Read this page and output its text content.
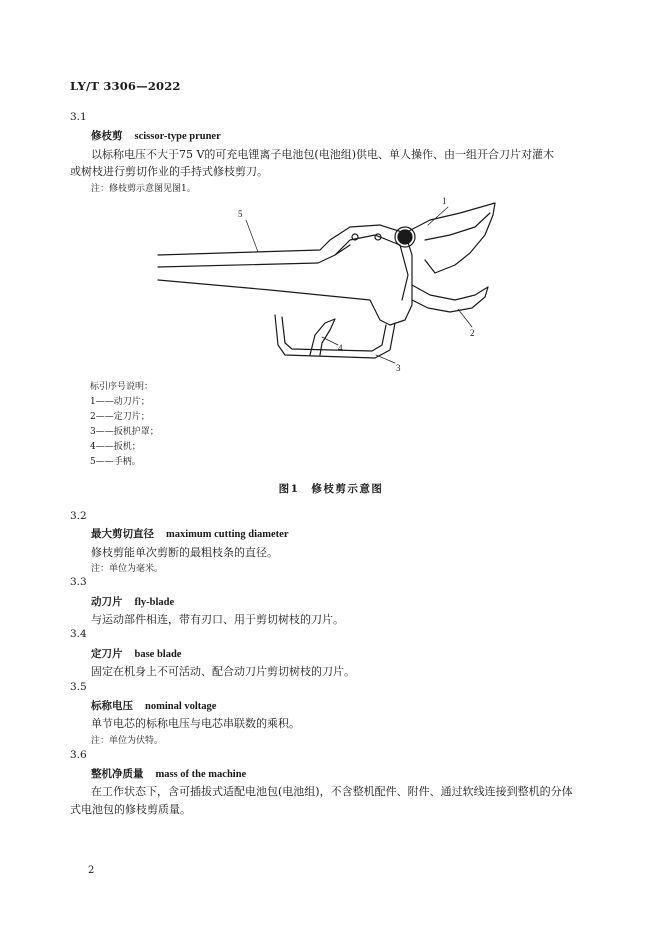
LY/T 3306—2022
3.1
修枝剪 scissor-type pruner
以标称电压不大于75 V的可充电锂离子电池包(电池组)供电、单人操作、由一组开合刀片对灌木
或树枝进行剪切作业的手持式修枝剪刀。
注：修枝剪示意图见图1。
1
2
3
4
5
标引序号说明：
1——动刀片；
2——定刀片；
3——扳机护罩；
4——扳机；
5——手柄。
图1　修枝剪示意图
3.2
最大剪切直径 maximum cutting diameter
修枝剪能单次剪断的最粗枝条的直径。
注：单位为毫米。
3.3
动刀片 fly-blade
与运动部件相连，带有刃口、用于剪切树枝的刀片。
3.4
定刀片 base blade
固定在机身上不可活动、配合动刀片剪切树枝的刀片。
3.5
标称电压 nominal voltage
单节电芯的标称电压与电芯串联数的乘积。
注：单位为伏特。
3.6
整机净质量 mass of the machine
在工作状态下，含可插拔式适配电池包(电池组)，不含整机配件、附件、通过软线连接到整机的分体
式电池包的修枝剪质量。
2
